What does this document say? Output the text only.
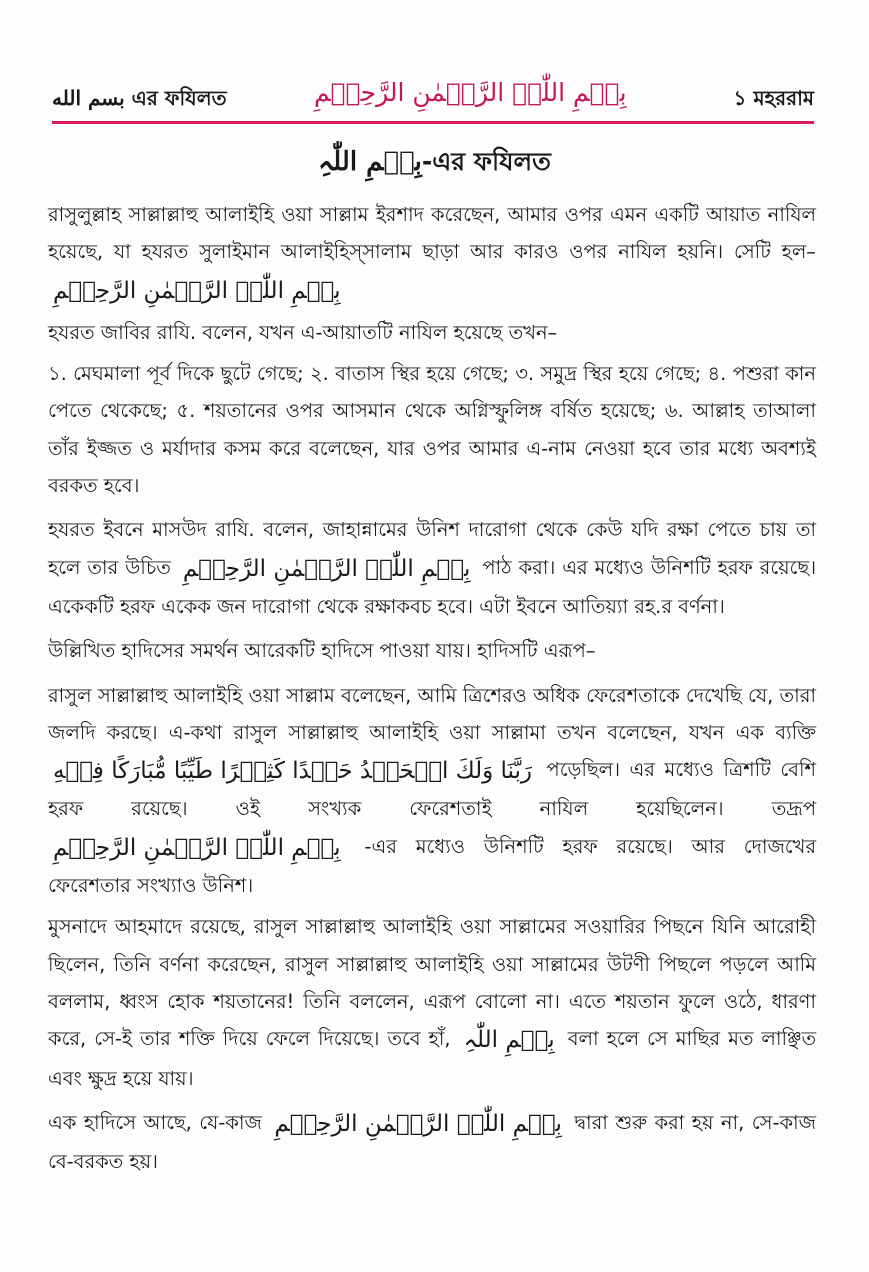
بسم الله এর ফযিলত	بِسۡمِ اللّٰہِ الرَّحۡمٰنِ الرَّحِیۡمِ	১ মহররাম
بِسۡمِ اللّٰہِ-এর ফযিলত

রাসুলুল্লাহ সাল্লাল্লাহু আলাইহি ওয়া সাল্লাম ইরশাদ করেছেন, আমার ওপর এমন একটি আয়াত নাযিল হয়েছে, যা হযরত সুলাইমান আলাইহিস্সালাম ছাড়া আর কারও ওপর নাযিল হয়নি। সেটি হল– بِسۡمِ اللّٰہِ الرَّحۡمٰنِ الرَّحِیۡمِ

হযরত জাবির রাযি. বলেন, যখন এ-আয়াতটি নাযিল হয়েছে তখন–

১. মেঘমালা পূর্ব দিকে ছুটে গেছে; ২. বাতাস স্থির হয়ে গেছে; ৩. সমুদ্র স্থির হয়ে গেছে; ৪. পশুরা কান পেতে থেকেছে; ৫. শয়তানের ওপর আসমান থেকে অগ্নিস্ফুলিঙ্গ বর্ষিত হয়েছে; ৬. আল্লাহ তাআলা তাঁর ইজ্জত ও মর্যাদার কসম করে বলেছেন, যার ওপর আমার এ-নাম নেওয়া হবে তার মধ্যে অবশ্যই বরকত হবে।

হযরত ইবনে মাসউদ রাযি. বলেন, জাহান্নামের উনিশ দারোগা থেকে কেউ যদি রক্ষা পেতে চায় তা হলে তার উচিত بِسۡمِ اللّٰہِ الرَّحۡمٰنِ الرَّحِیۡمِ পাঠ করা। এর মধ্যেও উনিশটি হরফ রয়েছে। একেকটি হরফ একেক জন দারোগা থেকে রক্ষাকবচ হবে। এটা ইবনে আতিয়্যা রহ.র বর্ণনা।

উল্লিখিত হাদিসের সমর্থন আরেকটি হাদিসে পাওয়া যায়। হাদিসটি এরূপ–

রাসুল সাল্লাল্লাহু আলাইহি ওয়া সাল্লাম বলেছেন, আমি ত্রিশেরও অধিক ফেরেশতাকে দেখেছি যে, তারা জলদি করছে। এ-কথা রাসুল সাল্লাল্লাহু আলাইহি ওয়া সাল্লামা তখন বলেছেন, যখন এক ব্যক্তি رَبَّنَا وَلَكَ الۡحَمۡدُ حَمۡدًا كَثِيۡرًا طَيِّبًا مُّبَارَكًا فِيۡهِ পড়েছিল। এর মধ্যেও ত্রিশটি বেশি হরফ রয়েছে। ওই সংখ্যক ফেরেশতাই নাযিল হয়েছিলেন। তদ্রূপ بِسۡمِ اللّٰہِ الرَّحۡمٰنِ الرَّحِیۡمِ -এর মধ্যেও উনিশটি হরফ রয়েছে। আর দোজখের ফেরেশতার সংখ্যাও উনিশ।

মুসনাদে আহমাদে রয়েছে, রাসুল সাল্লাল্লাহু আলাইহি ওয়া সাল্লামের সওয়ারির পিছনে যিনি আরোহী ছিলেন, তিনি বর্ণনা করেছেন, রাসুল সাল্লাল্লাহু আলাইহি ওয়া সাল্লামের উটণী পিছলে পড়লে আমি বললাম, ধ্বংস হোক শয়তানের! তিনি বললেন, এরূপ বোলো না। এতে শয়তান ফুলে ওঠে, ধারণা করে, সে-ই তার শক্তি দিয়ে ফেলে দিয়েছে। তবে হাঁ, بِسۡمِ اللّٰہِ বলা হলে সে মাছির মত লাঞ্ছিত এবং ক্ষুদ্র হয়ে যায়।

এক হাদিসে আছে, যে-কাজ بِسۡمِ اللّٰہِ الرَّحۡمٰنِ الرَّحِیۡمِ দ্বারা শুরু করা হয় না, সে-কাজ বে-বরকত হয়।
